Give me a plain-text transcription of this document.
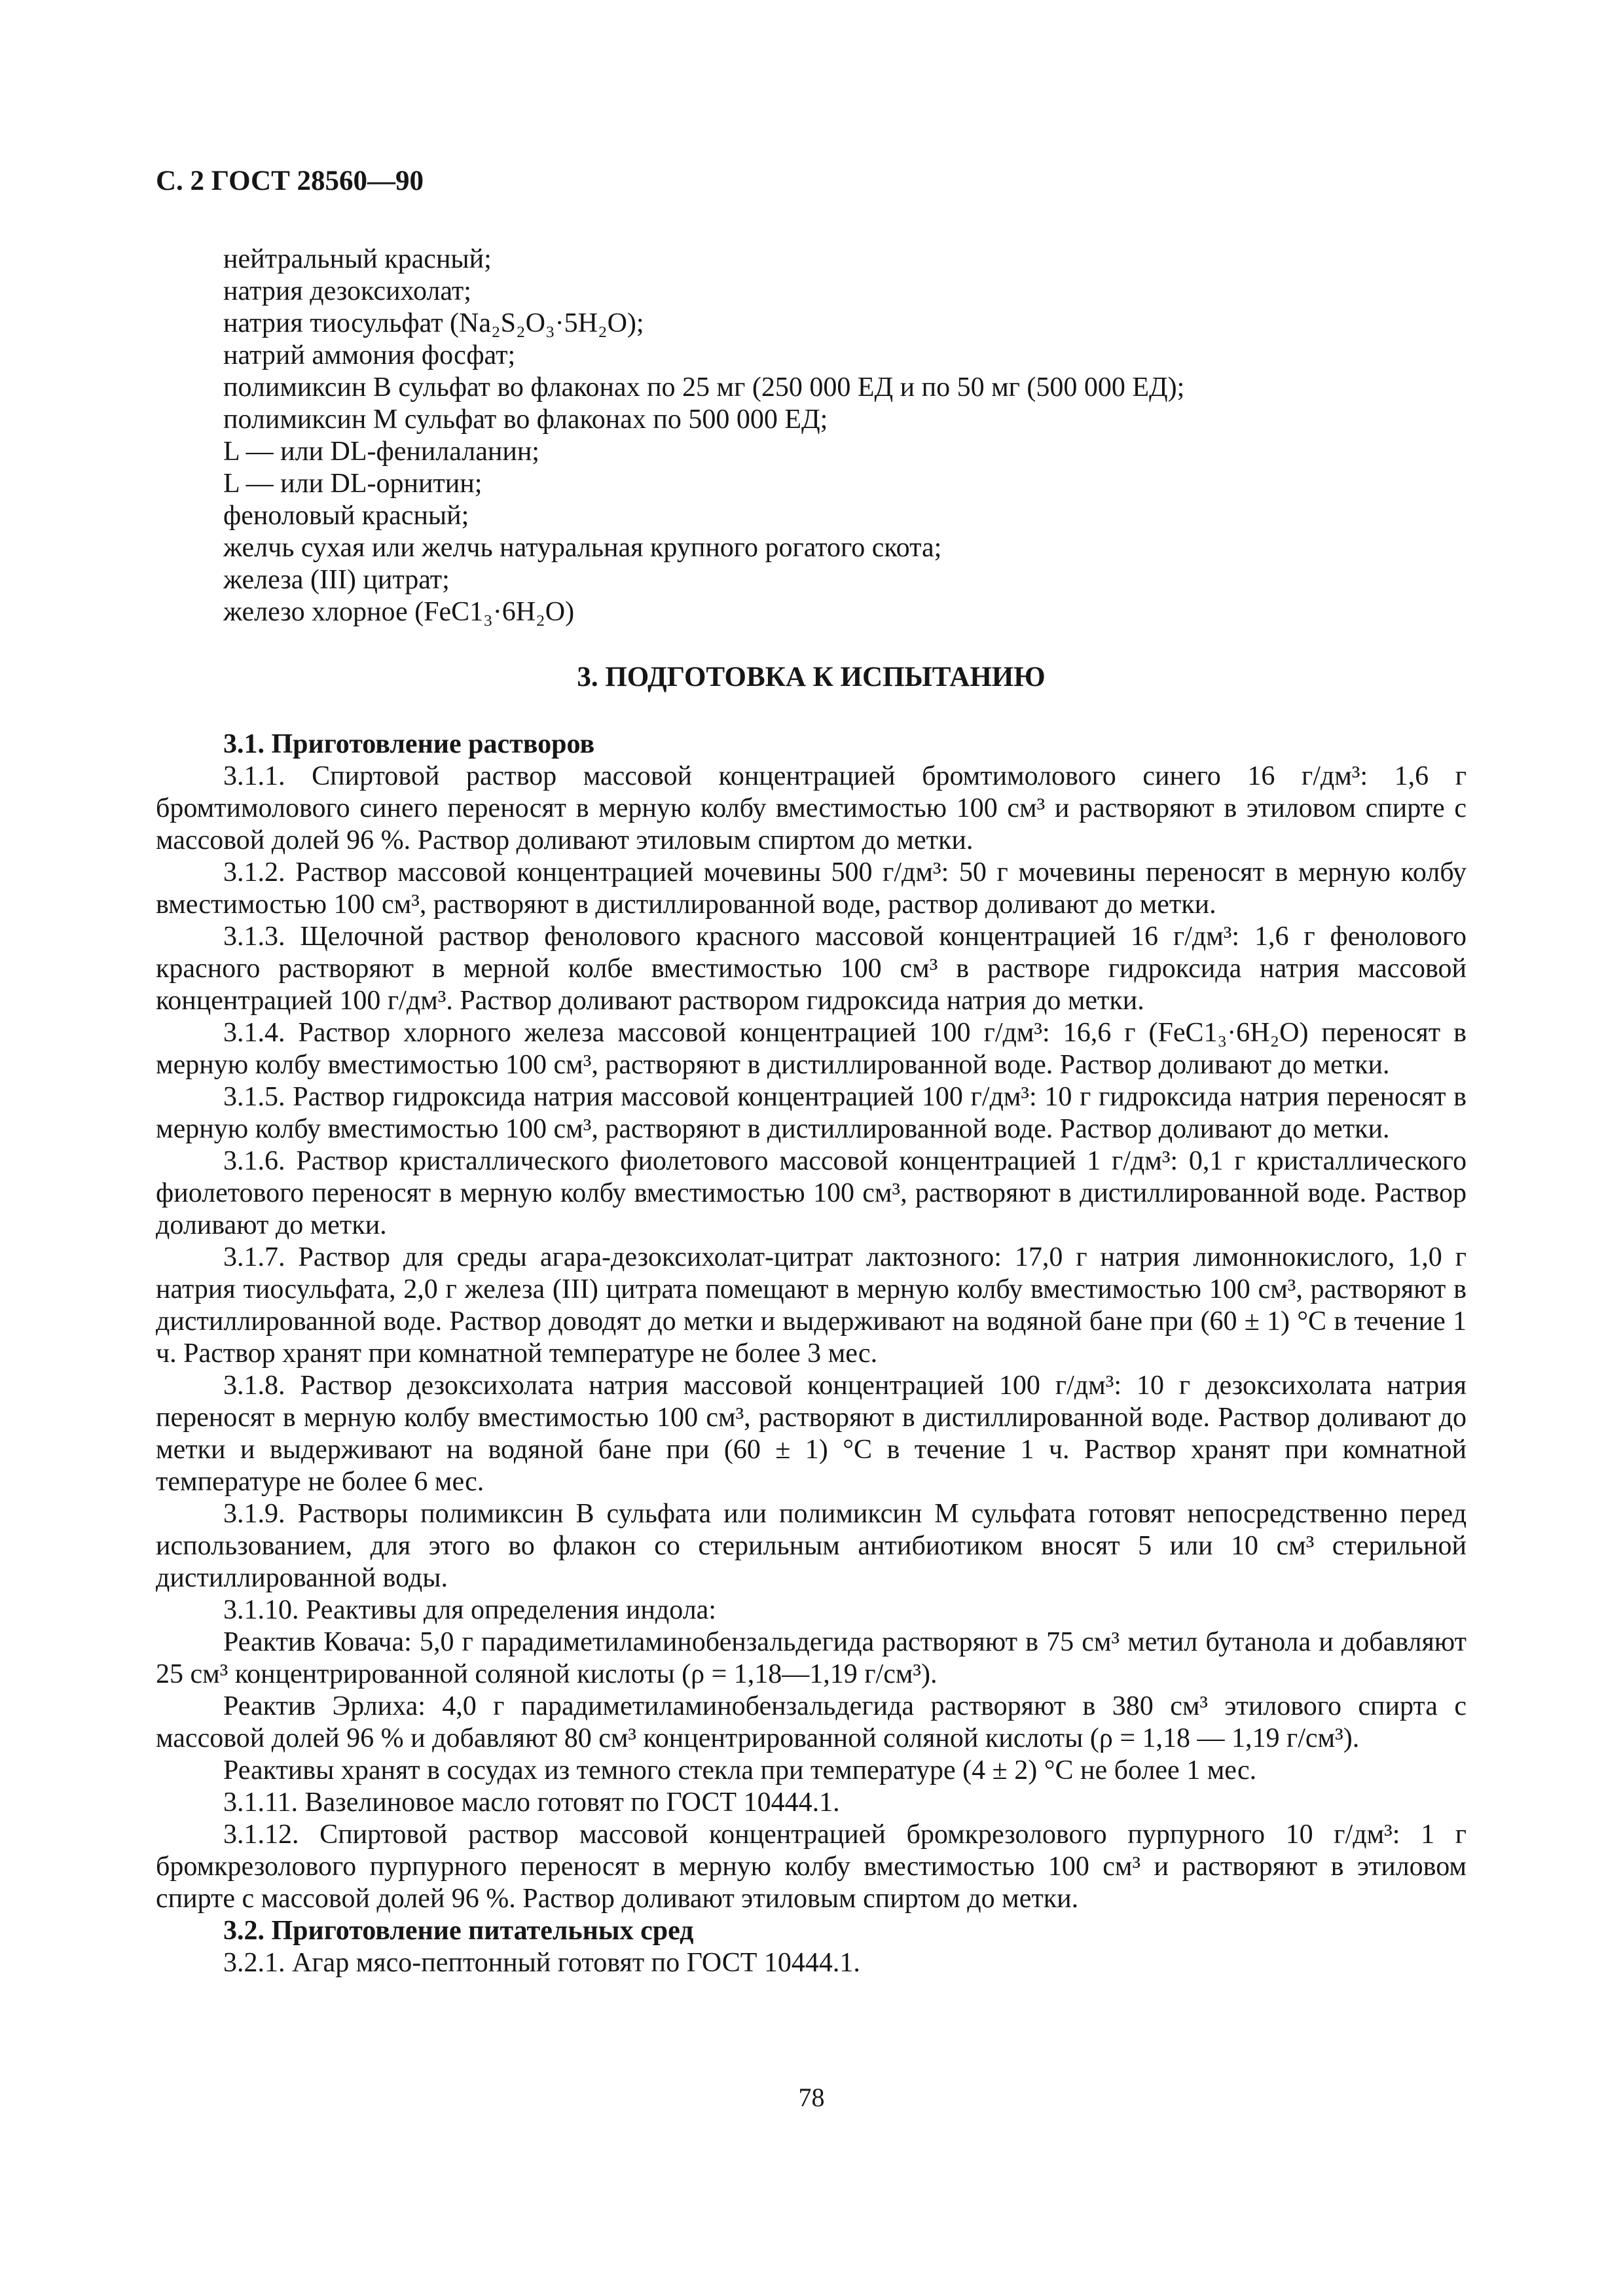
С. 2 ГОСТ 28560—90
нейтральный красный;
натрия дезоксихолат;
натрия тиосульфат (Na₂S₂O₃·5H₂O);
натрий аммония фосфат;
полимиксин В сульфат во флаконах по 25 мг (250 000 ЕД и по 50 мг (500 000 ЕД);
полимиксин М сульфат во флаконах по 500 000 ЕД;
L — или DL-фенилаланин;
L — или DL-орнитин;
феноловый красный;
желчь сухая или желчь натуральная крупного рогатого скота;
железа (III) цитрат;
железо хлорное (FeC1₃·6H₂O)
3. ПОДГОТОВКА К ИСПЫТАНИЮ

3.1. Приготовление растворов

3.1.1. Спиртовой раствор массовой концентрацией бромтимолового синего 16 г/дм³: 1,6 г бромтимолового синего переносят в мерную колбу вместимостью 100 см³ и растворяют в этиловом спирте с массовой долей 96 %. Раствор доливают этиловым спиртом до метки.

3.1.2. Раствор массовой концентрацией мочевины 500 г/дм³: 50 г мочевины переносят в мерную колбу вместимостью 100 см³, растворяют в дистиллированной воде, раствор доливают до метки.

3.1.3. Щелочной раствор фенолового красного массовой концентрацией 16 г/дм³: 1,6 г фенолового красного растворяют в мерной колбе вместимостью 100 см³ в растворе гидроксида натрия массовой концентрацией 100 г/дм³. Раствор доливают раствором гидроксида натрия до метки.

3.1.4. Раствор хлорного железа массовой концентрацией 100 г/дм³: 16,6 г (FeC1₃·6H₂O) переносят в мерную колбу вместимостью 100 см³, растворяют в дистиллированной воде. Раствор доливают до метки.

3.1.5. Раствор гидроксида натрия массовой концентрацией 100 г/дм³: 10 г гидроксида натрия переносят в мерную колбу вместимостью 100 см³, растворяют в дистиллированной воде. Раствор доливают до метки.

3.1.6. Раствор кристаллического фиолетового массовой концентрацией 1 г/дм³: 0,1 г кристаллического фиолетового переносят в мерную колбу вместимостью 100 см³, растворяют в дистиллированной воде. Раствор доливают до метки.

3.1.7. Раствор для среды агара-дезоксихолат-цитрат лактозного: 17,0 г натрия лимоннокислого, 1,0 г натрия тиосульфата, 2,0 г железа (III) цитрата помещают в мерную колбу вместимостью 100 см³, растворяют в дистиллированной воде. Раствор доводят до метки и выдерживают на водяной бане при (60 ± 1) °С в течение 1 ч. Раствор хранят при комнатной температуре не более 3 мес.

3.1.8. Раствор дезоксихолата натрия массовой концентрацией 100 г/дм³: 10 г дезоксихолата натрия переносят в мерную колбу вместимостью 100 см³, растворяют в дистиллированной воде. Раствор доливают до метки и выдерживают на водяной бане при (60 ± 1) °С в течение 1 ч. Раствор хранят при комнатной температуре не более 6 мес.

3.1.9. Растворы полимиксин В сульфата или полимиксин М сульфата готовят непосредственно перед использованием, для этого во флакон со стерильным антибиотиком вносят 5 или 10 см³ стерильной дистиллированной воды.

3.1.10. Реактивы для определения индола:

Реактив Ковача: 5,0 г парадиметиламинобензальдегида растворяют в 75 см³ метил бутанола и добавляют 25 см³ концентрированной соляной кислоты (ρ = 1,18—1,19 г/см³).

Реактив Эрлиха: 4,0 г парадиметиламинобензальдегида растворяют в 380 см³ этилового спирта с массовой долей 96 % и добавляют 80 см³ концентрированной соляной кислоты (ρ = 1,18 — 1,19 г/см³).

Реактивы хранят в сосудах из темного стекла при температуре (4 ± 2) °С не более 1 мес.

3.1.11. Вазелиновое масло готовят по ГОСТ 10444.1.

3.1.12. Спиртовой раствор массовой концентрацией бромкрезолового пурпурного 10 г/дм³: 1 г бромкрезолового пурпурного переносят в мерную колбу вместимостью 100 см³ и растворяют в этиловом спирте с массовой долей 96 %. Раствор доливают этиловым спиртом до метки.

3.2. Приготовление питательных сред

3.2.1. Агар мясо-пептонный готовят по ГОСТ 10444.1.

78
